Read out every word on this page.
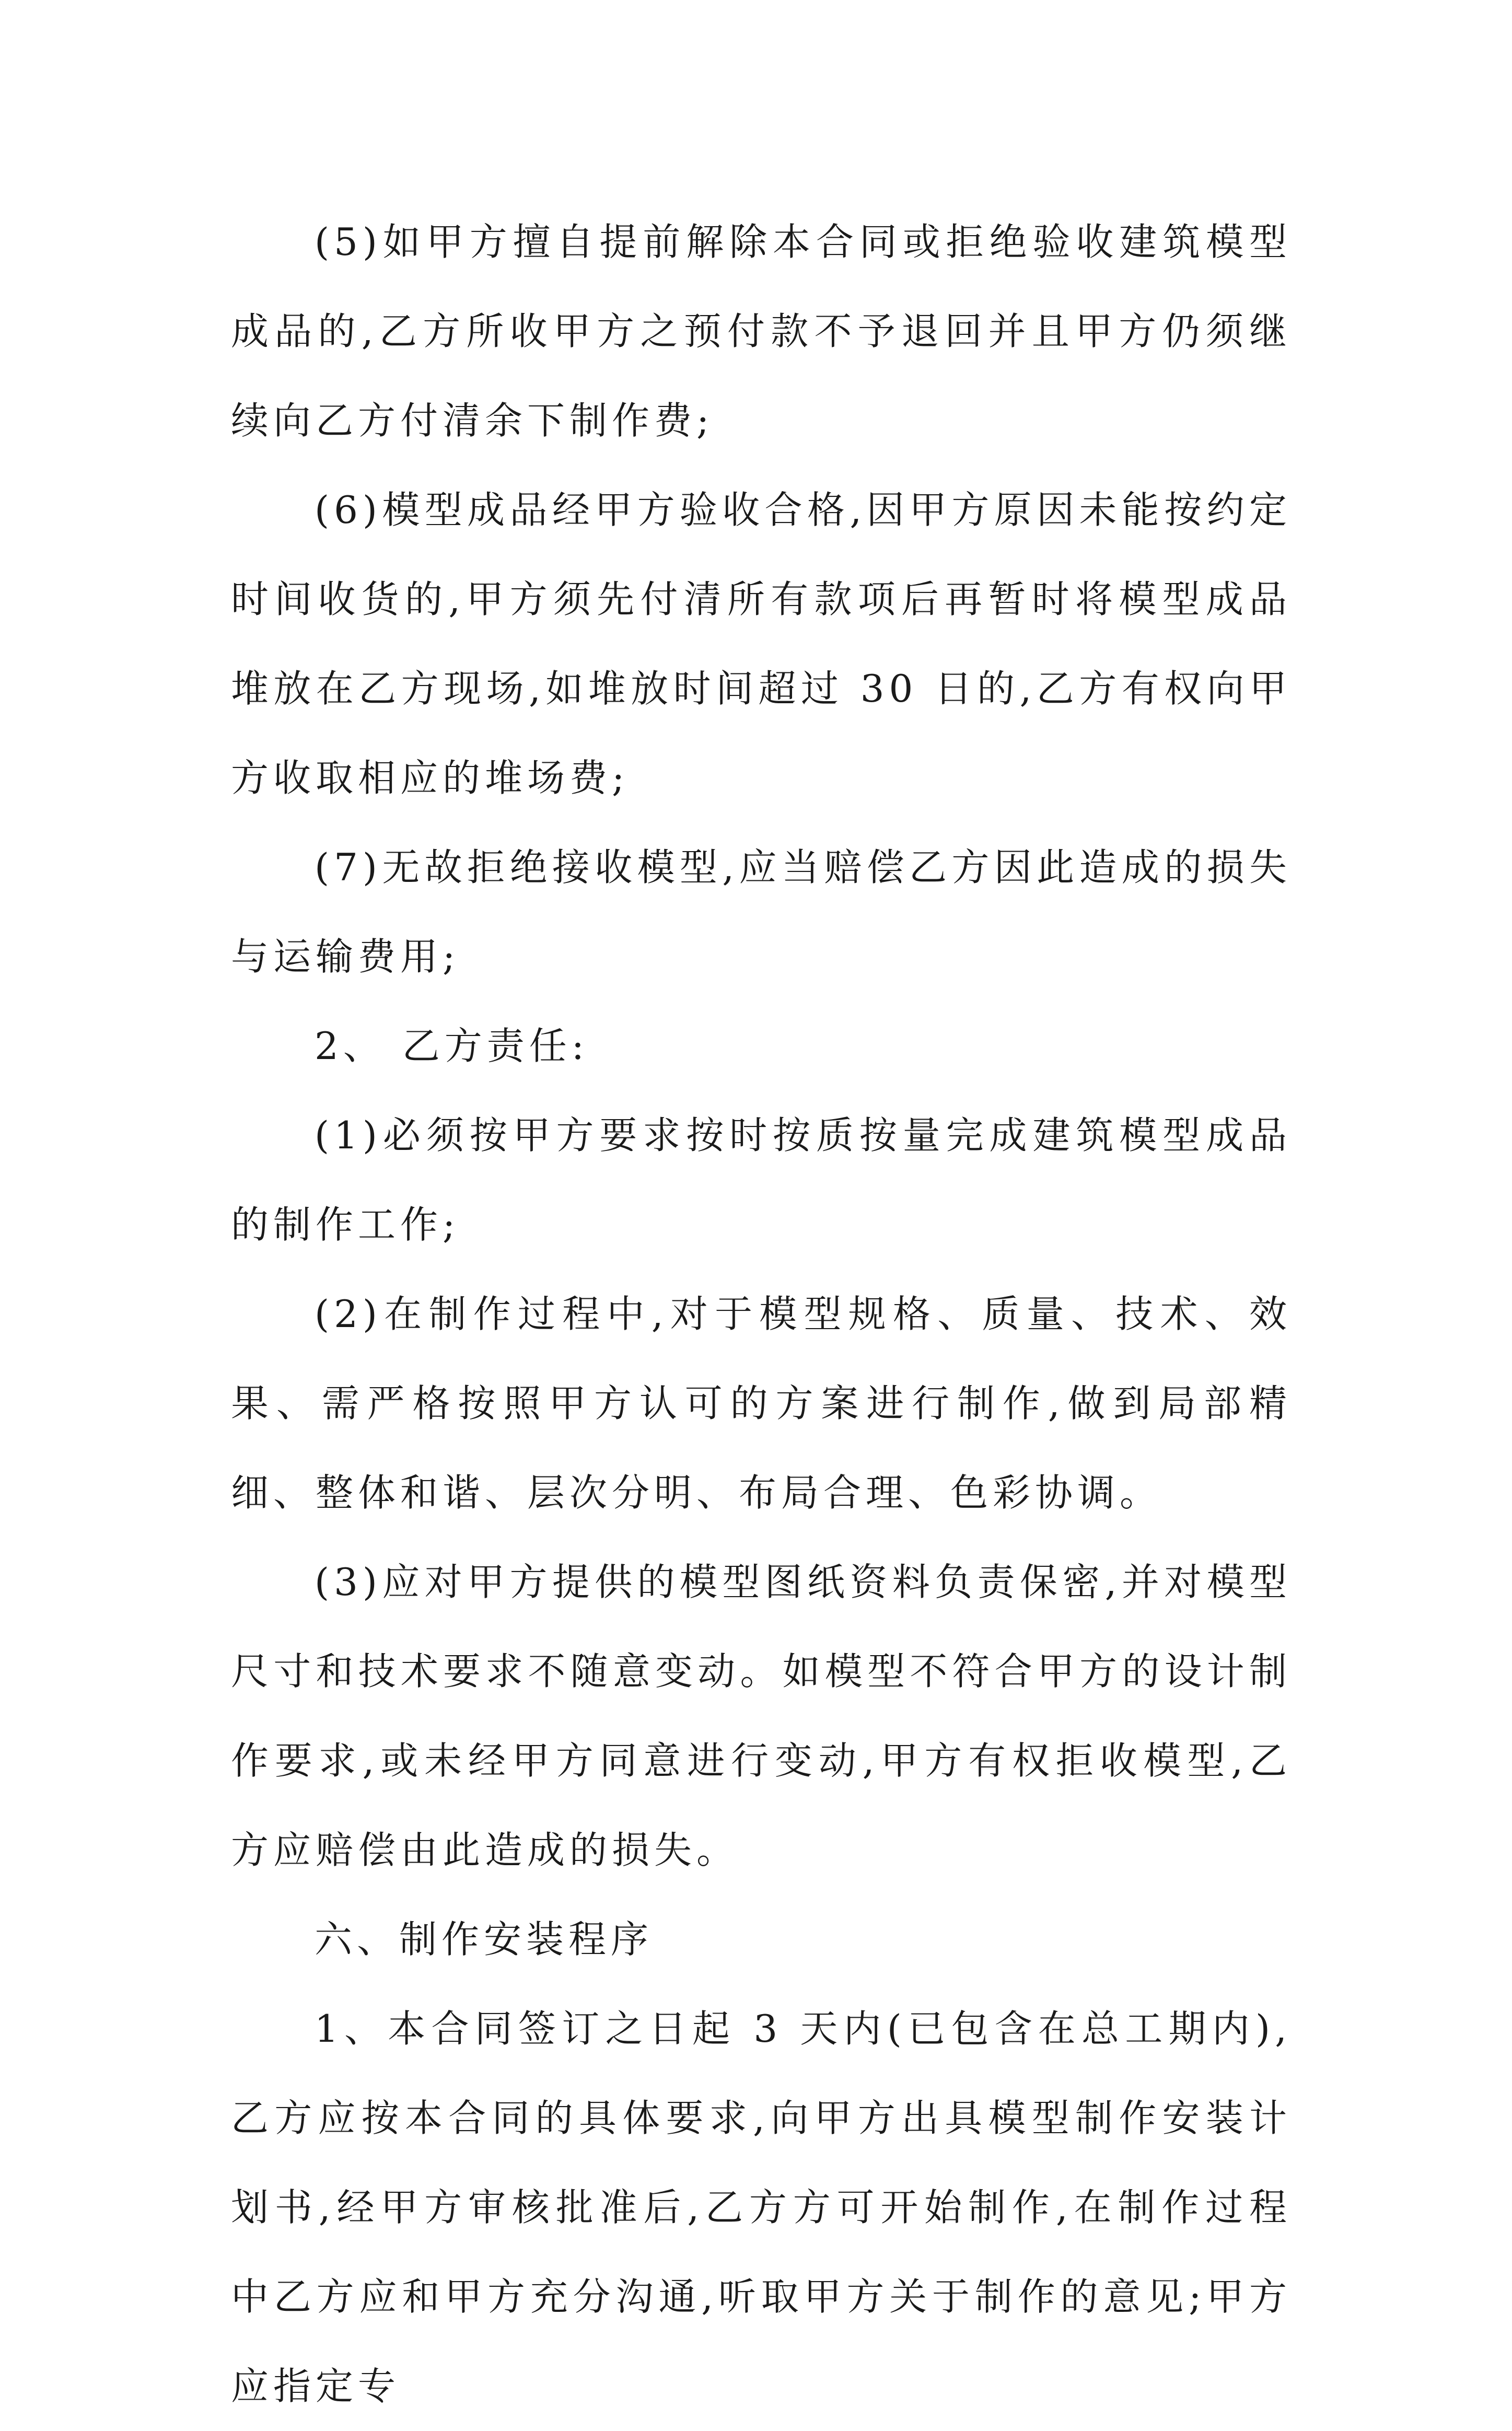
(5)如甲方擅自提前解除本合同或拒绝验收建筑模型成品的,乙方所收甲方之预付款不予退回并且甲方仍须继续向乙方付清余下制作费;

(6)模型成品经甲方验收合格,因甲方原因未能按约定时间收货的,甲方须先付清所有款项后再暂时将模型成品堆放在乙方现场,如堆放时间超过 30 日的,乙方有权向甲方收取相应的堆场费;

(7)无故拒绝接收模型,应当赔偿乙方因此造成的损失与运输费用;

2、 乙方责任:

(1)必须按甲方要求按时按质按量完成建筑模型成品的制作工作;

(2)在制作过程中,对于模型规格、质量、技术、效果、需严格按照甲方认可的方案进行制作,做到局部精细、整体和谐、层次分明、布局合理、色彩协调。

(3)应对甲方提供的模型图纸资料负责保密,并对模型尺寸和技术要求不随意变动。如模型不符合甲方的设计制作要求,或未经甲方同意进行变动,甲方有权拒收模型,乙方应赔偿由此造成的损失。

六、制作安装程序

1、本合同签订之日起 3 天内(已包含在总工期内),乙方应按本合同的具体要求,向甲方出具模型制作安装计划书,经甲方审核批准后,乙方方可开始制作,在制作过程中乙方应和甲方充分沟通,听取甲方关于制作的意见;甲方应指定专
